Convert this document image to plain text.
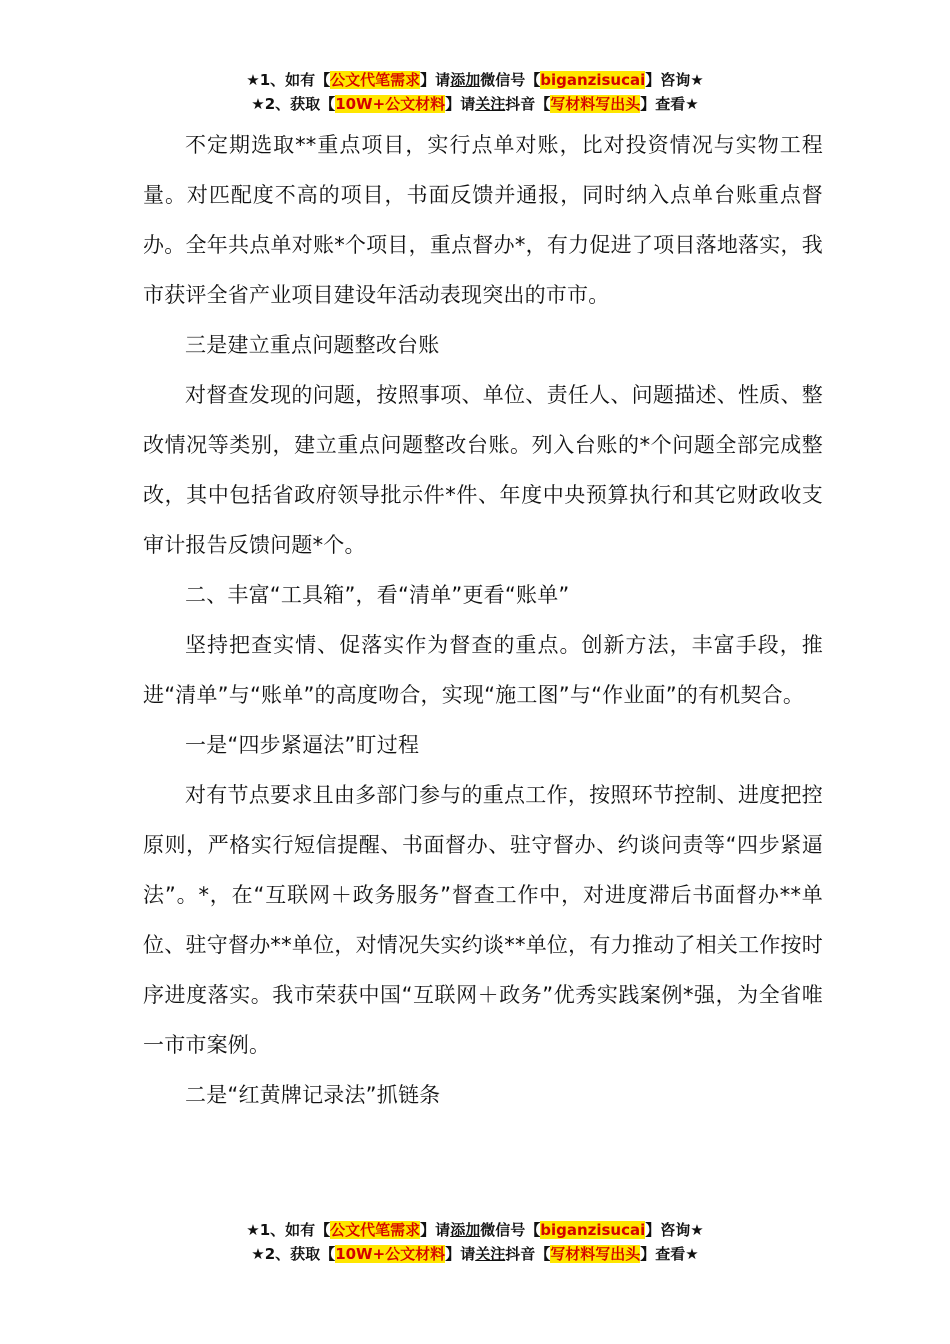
★1、如有【公文代笔需求】请添加微信号【biganzisucai】咨询★
★2、获取【10W+公文材料】请关注抖音【写材料写出头】查看★

不定期选取**重点项目，实行点单对账，比对投资情况与实物工程量。对匹配度不高的项目，书面反馈并通报，同时纳入点单台账重点督办。全年共点单对账*个项目，重点督办*，有力促进了项目落地落实，我市获评全省产业项目建设年活动表现突出的市市。

三是建立重点问题整改台账

对督查发现的问题，按照事项、单位、责任人、问题描述、性质、整改情况等类别，建立重点问题整改台账。列入台账的*个问题全部完成整改，其中包括省政府领导批示件*件、年度中央预算执行和其它财政收支审计报告反馈问题*个。

二、丰富“工具箱”，看“清单”更看“账单”

坚持把查实情、促落实作为督查的重点。创新方法，丰富手段，推进“清单”与“账单”的高度吻合，实现“施工图”与“作业面”的有机契合。

一是“四步紧逼法”盯过程

对有节点要求且由多部门参与的重点工作，按照环节控制、进度把控原则，严格实行短信提醒、书面督办、驻守督办、约谈问责等“四步紧逼法”。*，在“互联网＋政务服务”督查工作中，对进度滞后书面督办**单位、驻守督办**单位，对情况失实约谈**单位，有力推动了相关工作按时序进度落实。我市荣获中国“互联网＋政务”优秀实践案例*强，为全省唯一市市案例。

二是“红黄牌记录法”抓链条

★1、如有【公文代笔需求】请添加微信号【biganzisucai】咨询★
★2、获取【10W+公文材料】请关注抖音【写材料写出头】查看★
